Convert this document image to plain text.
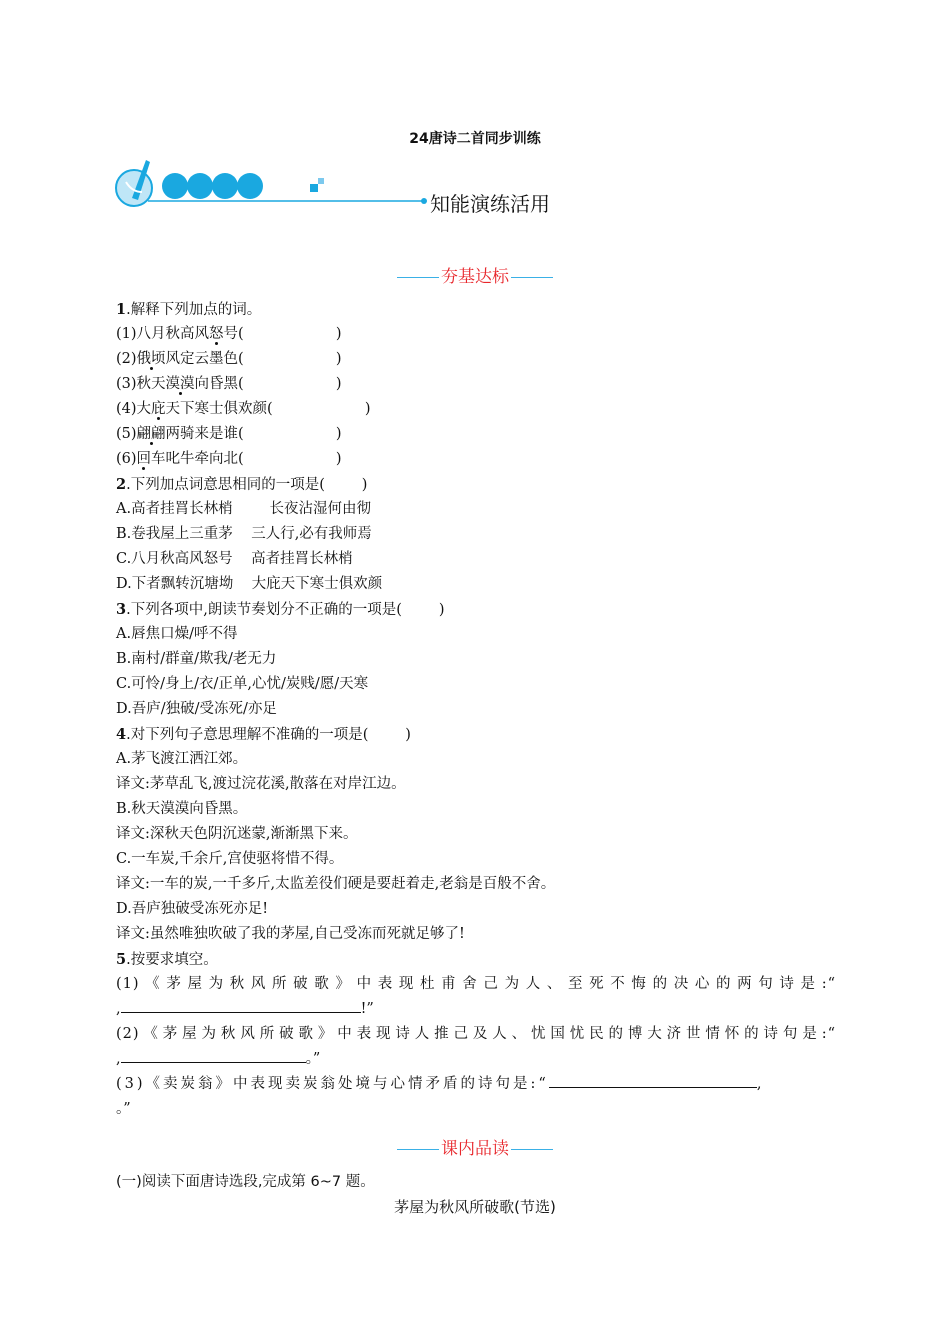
24唐诗二首同步训练
知能演练活用
夯基达标
1.解释下列加点的词。
(1)八月秋高风怒号(                    )
(2)俄顷风定云墨色(                    )
(3)秋天漠漠向昏黑(                    )
(4)大庇天下寒士俱欢颜(                    )
(5)翩翩两骑来是谁(                    )
(6)回车叱牛牵向北(                    )
2.下列加点词意思相同的一项是(        )
A.高者挂罥长林梢        长夜沾湿何由彻
B.卷我屋上三重茅    三人行,必有我师焉
C.八月秋高风怒号    高者挂罥长林梢
D.下者飘转沉塘坳    大庇天下寒士俱欢颜
3.下列各项中,朗读节奏划分不正确的一项是(        )
A.唇焦口燥/呼不得
B.南村/群童/欺我/老无力
C.可怜/身上/衣/正单,心忧/炭贱/愿/天寒
D.吾庐/独破/受冻死/亦足
4.对下列句子意思理解不准确的一项是(        )
A.茅飞渡江洒江郊。
译文:茅草乱飞,渡过浣花溪,散落在对岸江边。
B.秋天漠漠向昏黑。
译文:深秋天色阴沉迷蒙,渐渐黑下来。
C.一车炭,千余斤,宫使驱将惜不得。
译文:一车的炭,一千多斤,太监差役们硬是要赶着走,老翁是百般不舍。
D.吾庐独破受冻死亦足!
译文:虽然唯独吹破了我的茅屋,自己受冻而死就足够了!
5.按要求填空。
(1)《茅屋为秋风所破歌》中表现杜甫舍己为人、至死不悔的决心的两句诗是:“
,	!”
(2)《茅屋为秋风所破歌》中表现诗人推己及人、忧国忧民的博大济世情怀的诗句是:“
,	。”
(3)《卖炭翁》中表现卖炭翁处境与心情矛盾的诗句是:“	,
。”
课内品读
(一)阅读下面唐诗选段,完成第 6~7 题。
茅屋为秋风所破歌(节选)
